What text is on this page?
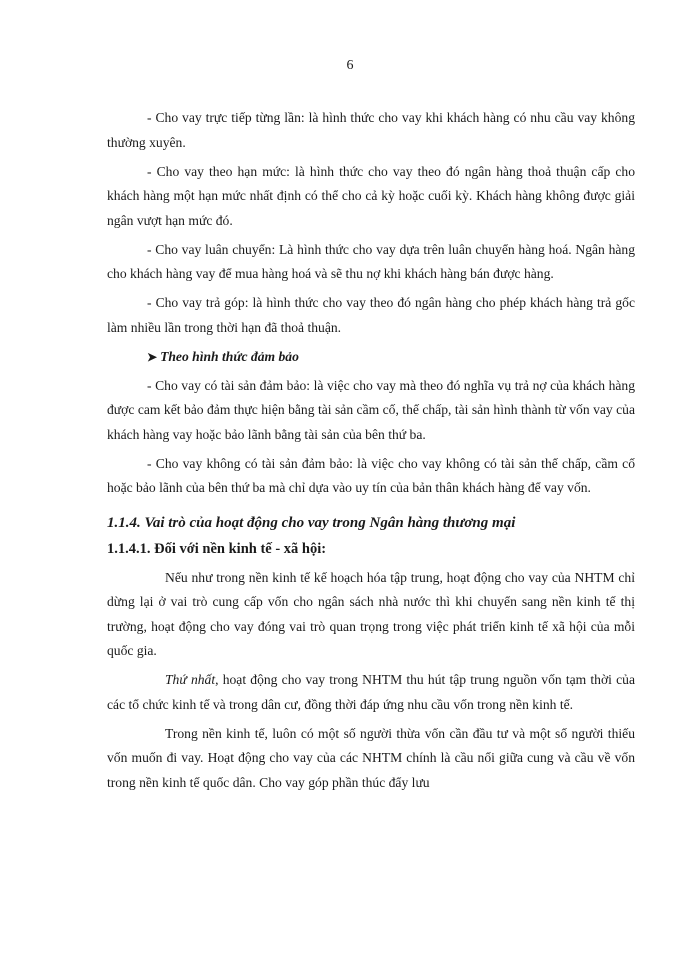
6

- Cho vay trực tiếp từng lần: là hình thức cho vay khi khách hàng có nhu cầu vay không thường xuyên.

- Cho vay theo hạn mức: là hình thức cho vay theo đó ngân hàng thoả thuận cấp cho khách hàng một hạn mức nhất định có thể cho cả kỳ hoặc cuối kỳ. Khách hàng không được giải ngân vượt hạn mức đó.

- Cho vay luân chuyển: Là hình thức cho vay dựa trên luân chuyển hàng hoá. Ngân hàng cho khách hàng vay để mua hàng hoá và sẽ thu nợ khi khách hàng bán được hàng.

- Cho vay trả góp: là hình thức cho vay theo đó ngân hàng cho phép khách hàng trả gốc làm nhiều lần trong thời hạn đã thoả thuận.

➤ Theo hình thức đảm bảo

- Cho vay có tài sản đảm bảo: là việc cho vay mà theo đó nghĩa vụ trả nợ của khách hàng được cam kết bảo đảm thực hiện bằng tài sản cầm cố, thế chấp, tài sản hình thành từ vốn vay của khách hàng vay hoặc bảo lãnh bằng tài sản của bên thứ ba.

- Cho vay không có tài sản đảm bảo: là việc cho vay không có tài sản thế chấp, cầm cố hoặc bảo lãnh của bên thứ ba mà chỉ dựa vào uy tín của bản thân khách hàng để vay vốn.

1.1.4. Vai trò của hoạt động cho vay trong Ngân hàng thương mại

1.1.4.1. Đối với nền kinh tế - xã hội:

Nếu như trong nền kinh tế kế hoạch hóa tập trung, hoạt động cho vay của NHTM chỉ dừng lại ở vai trò cung cấp vốn cho ngân sách nhà nước thì khi chuyển sang nền kinh tế thị trường, hoạt động cho vay đóng vai trò quan trọng trong việc phát triển kinh tế xã hội của mỗi quốc gia.

Thứ nhất, hoạt động cho vay trong NHTM thu hút tập trung nguồn vốn tạm thời của các tổ chức kinh tế và trong dân cư, đồng thời đáp ứng nhu cầu vốn trong nền kinh tế.

Trong nền kinh tế, luôn có một số người thừa vốn cần đầu tư và một số người thiếu vốn muốn đi vay. Hoạt động cho vay của các NHTM chính là cầu nối giữa cung và cầu về vốn trong nền kinh tế quốc dân. Cho vay góp phần thúc đẩy lưu
